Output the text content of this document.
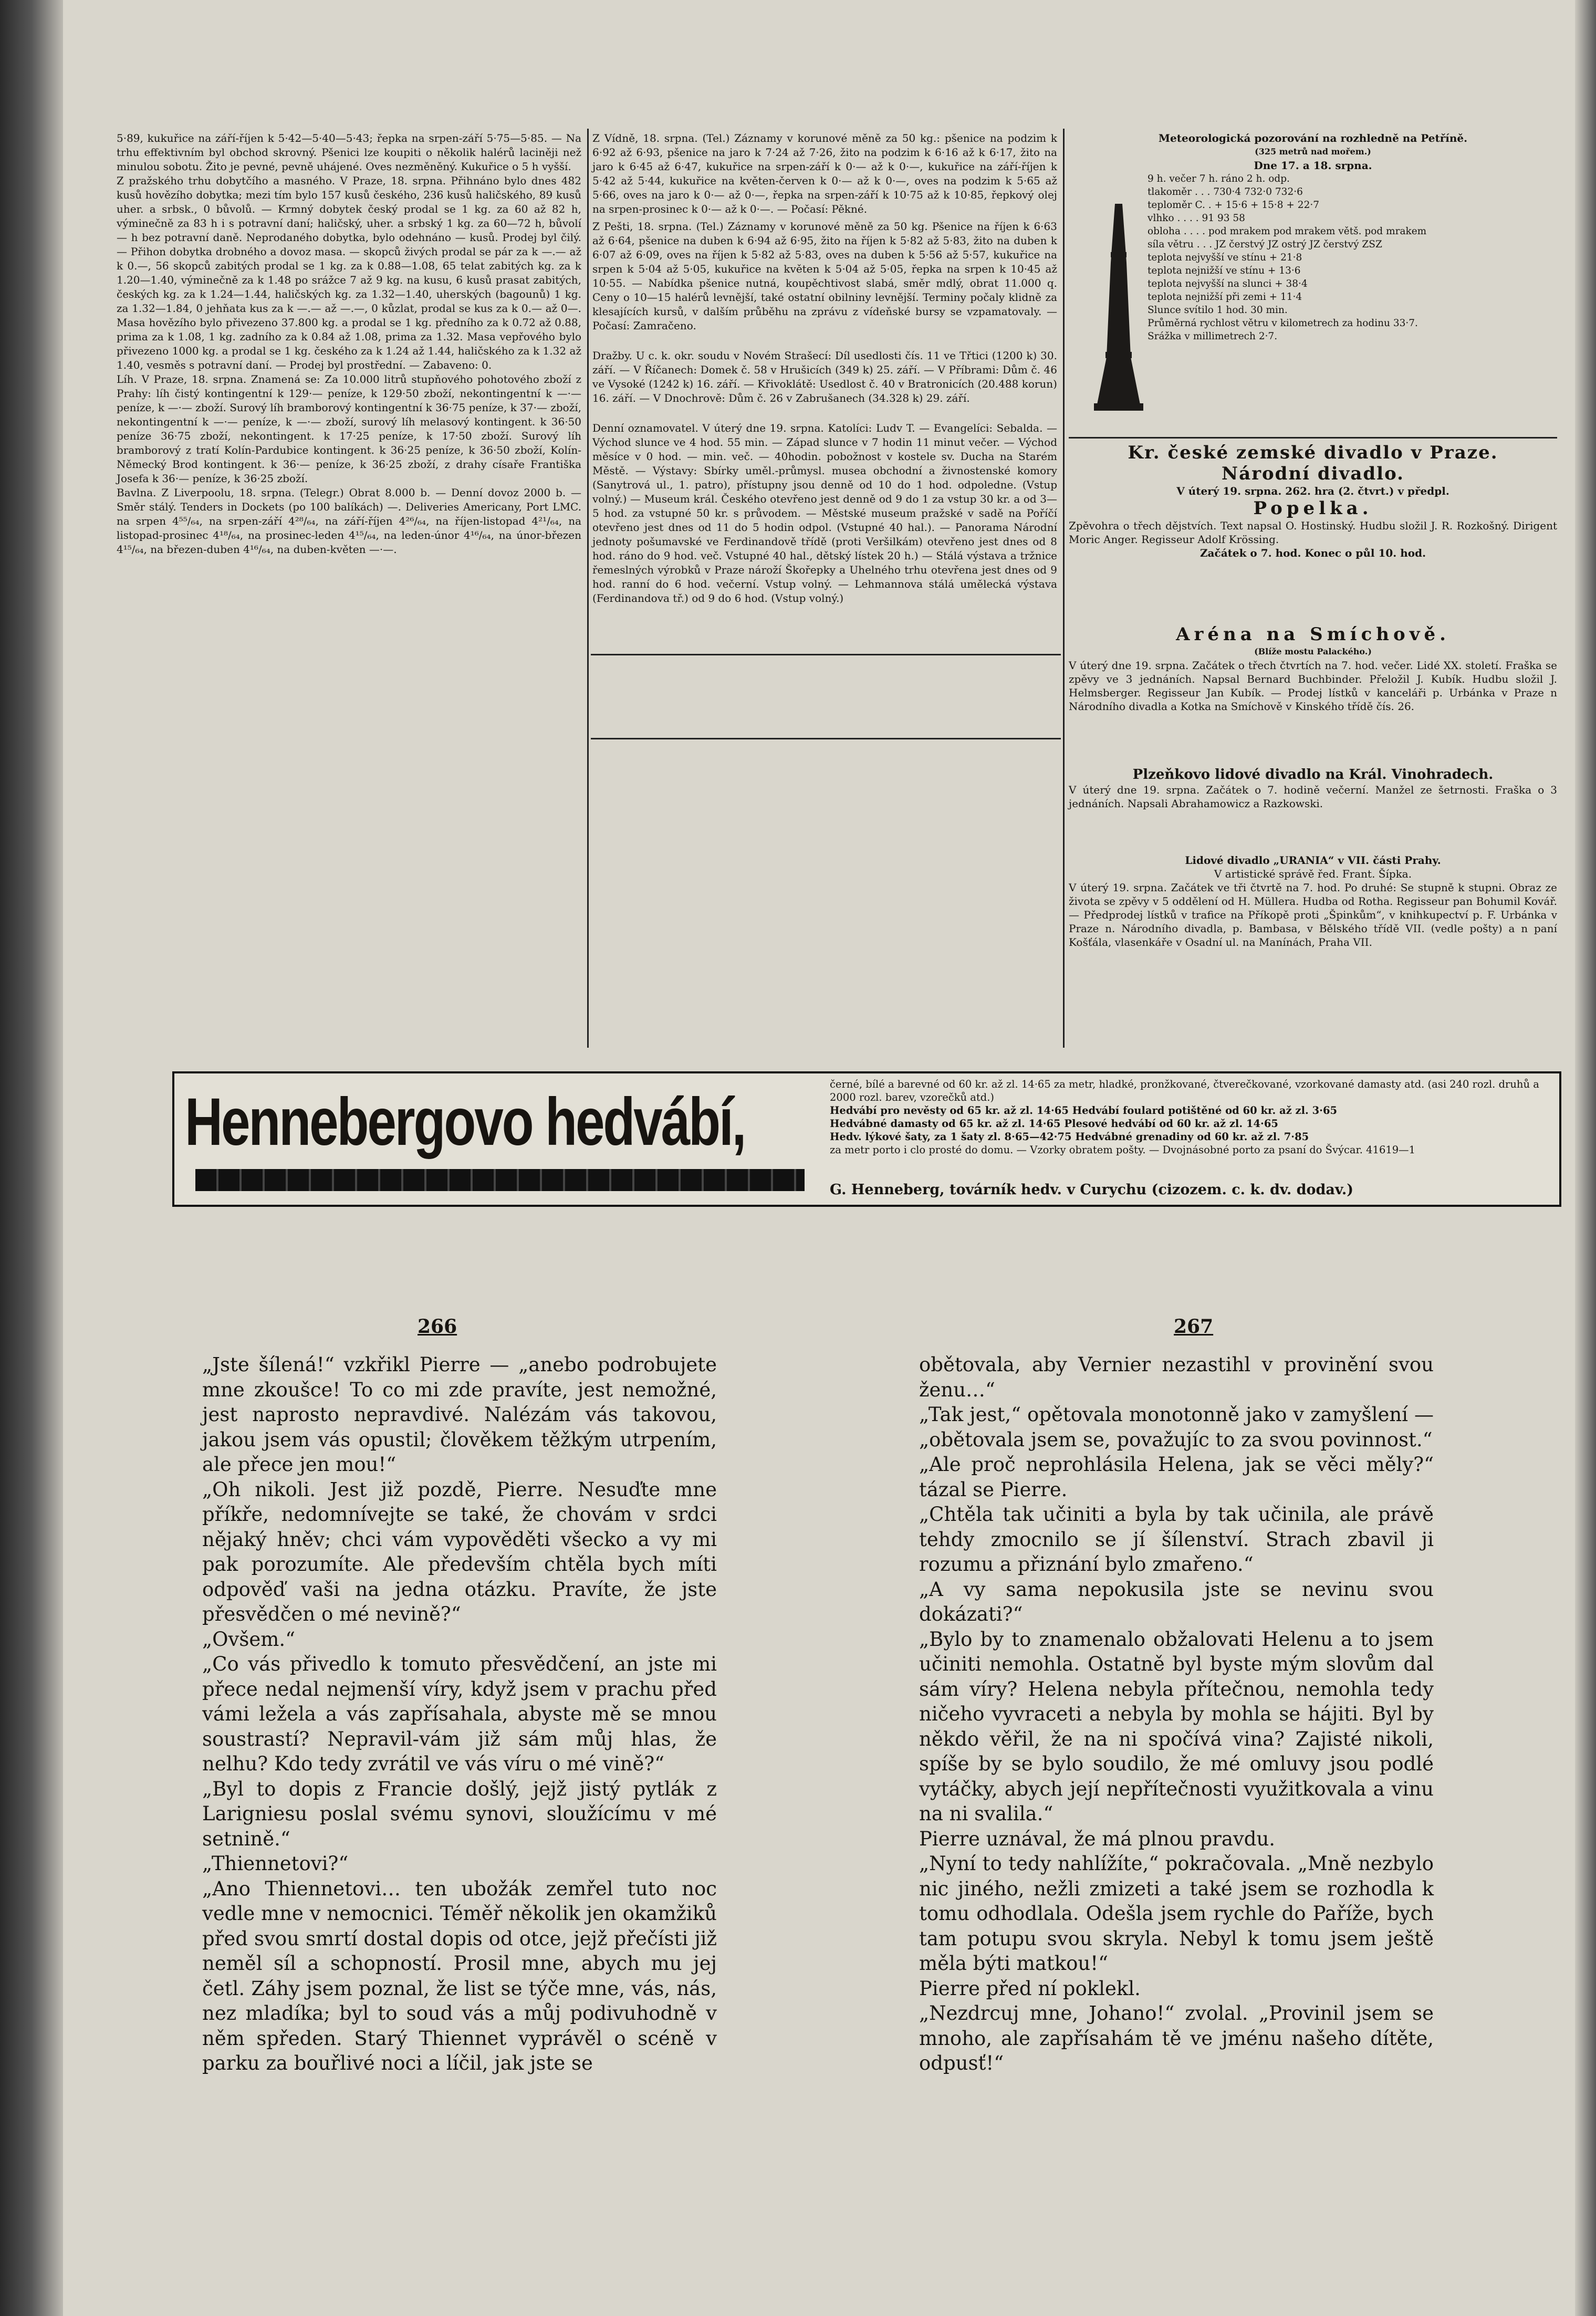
5·89, kukuřice na září-říjen k 5·42—5·40—5·43; řepka na srpen-září 5·75—5·85. — Na trhu effektivním byl obchod skrovný. Pšenici lze koupiti o několik halérů laciněji než minulou sobotu. Žito je pevné, pevně uhájené. Oves nezměněný. Kukuřice o 5 h vyšší.

Z pražského trhu dobytčího a masného. V Praze, 18. srpna. Přihnáno bylo dnes 482 kusů hovězího dobytka; mezi tím bylo 157 kusů českého, 236 kusů haličského, 89 kusů uher. a srbsk., 0 bůvolů. — Krmný dobytek český prodal se 1 kg. za 60 až 82 h, výminečně za 83 h i s potravní daní; haličský, uher. a srbský 1 kg. za 60—72 h, bůvolí — h bez potravní daně. Neprodaného dobytka, bylo odehnáno — kusů. Prodej byl čilý. — Přihon dobytka drobného a dovoz masa. — skopců živých prodal se pár za k —.— až k 0.—, 56 skopců zabitých prodal se 1 kg. za k 0.88—1.08, 65 telat zabitých kg. za k 1.20—1.40, výminečně za k 1.48 po srážce 7 až 9 kg. na kusu, 6 kusů prasat zabitých, českých kg. za k 1.24—1.44, haličských kg. za 1.32—1.40, uherských (bagounů) 1 kg. za 1.32—1.84, 0 jehňata kus za k —.— až —.—, 0 kůzlat, prodal se kus za k 0.— až 0—. Masa hovězího bylo přivezeno 37.800 kg. a prodal se 1 kg. předního za k 0.72 až 0.88, prima za k 1.08, 1 kg. zadního za k 0.84 až 1.08, prima za 1.32. Masa vepřového bylo přivezeno 1000 kg. a prodal se 1 kg. českého za k 1.24 až 1.44, haličského za k 1.32 až 1.40, vesměs s potravní daní. — Prodej byl prostřední. — Zabaveno: 0.

Líh. V Praze, 18. srpna. Znamená se: Za 10.000 litrů stupňového pohotového zboží z Prahy: líh čistý kontingentní k 129·— peníze, k 129·50 zboží, nekontingentní k —·— peníze, k —·— zboží. Surový líh bramborový kontingentní k 36·75 peníze, k 37·— zboží, nekontingentní k —·— peníze, k —·— zboží, surový líh melasový kontingent. k 36·50 peníze 36·75 zboží, nekontingent. k 17·25 peníze, k 17·50 zboží. Surový líh bramborový z tratí Kolín-Pardubice kontingent. k 36·25 peníze, k 36·50 zboží, Kolín-Německý Brod kontingent. k 36·— peníze, k 36·25 zboží, z drahy císaře Františka Josefa k 36·— peníze, k 36·25 zboží.

Bavlna. Z Liverpoolu, 18. srpna. (Telegr.) Obrat 8.000 b. — Denní dovoz 2000 b. — Směr stálý. Tenders in Dockets (po 100 balíkách) —. Deliveries Americany, Port LMC. na srpen 4⁵⁵/₆₄, na srpen-září 4²⁸/₆₄, na září-říjen 4²⁶/₆₄, na říjen-listopad 4²¹/₆₄, na listopad-prosinec 4¹⁸/₆₄, na prosinec-leden 4¹⁵/₆₄, na leden-únor 4¹⁶/₆₄, na únor-březen 4¹⁵/₆₄, na březen-duben 4¹⁶/₆₄, na duben-květen —·—.

Z Vídně, 18. srpna. (Tel.) Záznamy v korunové měně za 50 kg.: pšenice na podzim k 6·92 až 6·93, pšenice na jaro k 7·24 až 7·26, žito na podzim k 6·16 až k 6·17, žito na jaro k 6·45 až 6·47, kukuřice na srpen-září k 0·— až k 0·—, kukuřice na září-říjen k 5·42 až 5·44, kukuřice na květen-červen k 0·— až k 0·—, oves na podzim k 5·65 až 5·66, oves na jaro k 0·— až 0·—, řepka na srpen-září k 10·75 až k 10·85, řepkový olej na srpen-prosinec k 0·— až k 0·—. — Počasí: Pěkné.

Z Pešti, 18. srpna. (Tel.) Záznamy v korunové měně za 50 kg. Pšenice na říjen k 6·63 až 6·64, pšenice na duben k 6·94 až 6·95, žito na říjen k 5·82 až 5·83, žito na duben k 6·07 až 6·09, oves na říjen k 5·82 až 5·83, oves na duben k 5·56 až 5·57, kukuřice na srpen k 5·04 až 5·05, kukuřice na květen k 5·04 až 5·05, řepka na srpen k 10·45 až 10·55. — Nabídka pšenice nutná, koupěchtivost slabá, směr mdlý, obrat 11.000 q. Ceny o 10—15 halérů levnější, také ostatní obilniny levnější. Terminy počaly klidně za klesajících kursů, v dalším průběhu na zprávu z vídeňské bursy se vzpamatovaly. — Počasí: Zamračeno.

Dražby. U c. k. okr. soudu v Novém Strašecí: Díl usedlosti čís. 11 ve Třtici (1200 k) 30. září. — V Říčanech: Domek č. 58 v Hrušicích (349 k) 25. září. — V Příbrami: Dům č. 46 ve Vysoké (1242 k) 16. září. — Křivoklátě: Usedlost č. 40 v Bratronicích (20.488 korun) 16. září. — V Dnochrově: Dům č. 26 v Zabrušanech (34.328 k) 29. září.

Denní oznamovatel. V úterý dne 19. srpna. Katolíci: Ludv T. — Evangelíci: Sebalda. — Východ slunce ve 4 hod. 55 min. — Západ slunce v 7 hodin 11 minut večer. — Východ měsíce v 0 hod. — min. več. — 40hodin. pobožnost v kostele sv. Ducha na Starém Městě. — Výstavy: Sbírky uměl.-průmysl. musea obchodní a živnostenské komory (Sanytrová ul., 1. patro), přístupny jsou denně od 10 do 1 hod. odpoledne. (Vstup volný.) — Museum král. Českého otevřeno jest denně od 9 do 1 za vstup 30 kr. a od 3—5 hod. za vstupné 50 kr. s průvodem. — Městské museum pražské v sadě na Poříčí otevřeno jest dnes od 11 do 5 hodin odpol. (Vstupné 40 hal.). — Panorama Národní jednoty pošumavské ve Ferdinandově třídě (proti Veršilkám) otevřeno jest dnes od 8 hod. ráno do 9 hod. več. Vstupné 40 hal., dětský lístek 20 h.) — Stálá výstava a tržnice řemeslných výrobků v Praze nároží Škořepky a Uhelného trhu otevřena jest dnes od 9 hod. ranní do 6 hod. večerní. Vstup volný. — Lehmannova stálá umělecká výstava (Ferdinandova tř.) od 9 do 6 hod. (Vstup volný.)

Meteorologická pozorování na rozhledně na Petříně.
(325 metrů nad mořem.)
Dne 17. a 18. srpna.
9 h. večer 7 h. ráno 2 h. odp.
tlakoměr . . . 730·4 732·0 732·6
teploměr C. . + 15·6 + 15·8 + 22·7
vlhko . . . . 91 93 58
obloha . . . . pod mrakem pod mrakem větš. pod mrakem
síla větru . . . JZ čerstvý JZ ostrý JZ čerstvý ZSZ
teplota nejvyšší ve stínu + 21·8
teplota nejnižší ve stínu + 13·6
teplota nejvyšší na slunci + 38·4
teplota nejnižší při zemi + 11·4
Slunce svítilo 1 hod. 30 min.
Průměrná rychlost větru v kilometrech za hodinu 33·7.
Srážka v millimetrech 2·7.
Kr. české zemské divadlo v Praze.
Národní divadlo.
V úterý 19. srpna. 262. hra (2. čtvrt.) v předpl.
Popelka.

Zpěvohra o třech dějstvích. Text napsal O. Hostinský. Hudbu složil J. R. Rozkošný. Dirigent Moric Anger. Regisseur Adolf Krössing.

Začátek o 7. hod. Konec o půl 10. hod.
Aréna na Smíchově.
(Blíže mostu Palackého.)

V úterý dne 19. srpna. Začátek o třech čtvrtích na 7. hod. večer. Lidé XX. století. Fraška se zpěvy ve 3 jednáních. Napsal Bernard Buchbinder. Přeložil J. Kubík. Hudbu složil J. Helmsberger. Regisseur Jan Kubík. — Prodej lístků v kanceláři p. Urbánka v Praze n Národního divadla a Kotka na Smíchově v Kinského třídě čís. 26.

Plzeňkovo lidové divadlo na Král. Vinohradech.

V úterý dne 19. srpna. Začátek o 7. hodině večerní. Manžel ze šetrnosti. Fraška o 3 jednáních. Napsali Abrahamowicz a Razkowski.

Lidové divadlo „URANIA“ v VII. části Prahy.
V artistické správě řed. Frant. Šípka.

V úterý 19. srpna. Začátek ve tři čtvrtě na 7. hod. Po druhé: Se stupně k stupni. Obraz ze života se zpěvy v 5 oddělení od H. Müllera. Hudba od Rotha. Regisseur pan Bohumil Kovář. — Předprodej lístků v trafice na Příkopě proti „Špinkům“, v knihkupectví p. F. Urbánka v Praze n. Národního divadla, p. Bambasa, v Bělského třídě VII. (vedle pošty) a n paní Košťála, vlasenkáře v Osadní ul. na Manínách, Praha VII.

Hennebergovo hedvábí,

černé, bílé a barevné od 60 kr. až zl. 14·65 za metr, hladké, pronžkované, čtverečkované, vzorkované damasty atd. (asi 240 rozl. druhů a 2000 rozl. barev, vzorečků atd.)

Hedvábí pro nevěsty od 65 kr. až zl. 14·65 Hedvábí foulard potištěné od 60 kr. až zl. 3·65

Hedvábné damasty od 65 kr. až zl. 14·65 Plesové hedvábí od 60 kr. až zl. 14·65

Hedv. lýkové šaty, za 1 šaty zl. 8·65—42·75 Hedvábné grenadiny od 60 kr. až zl. 7·85

za metr porto i clo prosté do domu. — Vzorky obratem pošty. — Dvojnásobné porto za psaní do Švýcar. 41619—1

G. Henneberg, továrník hedv. v Curychu (cizozem. c. k. dv. dodav.)
266	267

„Jste šílená!“ vzkřikl Pierre — „anebo podrobujete mne zkoušce! To co mi zde pravíte, jest nemožné, jest naprosto nepravdivé. Nalézám vás takovou, jakou jsem vás opustil; člověkem těžkým utrpením, ale přece jen mou!“

„Oh nikoli. Jest již pozdě, Pierre. Nesuďte mne příkře, nedomnívejte se také, že chovám v srdci nějaký hněv; chci vám vypověděti všecko a vy mi pak porozumíte. Ale především chtěla bych míti odpověď vaši na jedna otázku. Pravíte, že jste přesvědčen o mé nevině?“

„Ovšem.“

„Co vás přivedlo k tomuto přesvědčení, an jste mi přece nedal nejmenší víry, když jsem v prachu před vámi ležela a vás zapřísahala, abyste mě se mnou soustrastí? Nepravil-vám již sám můj hlas, že nelhu? Kdo tedy zvrátil ve vás víru o mé vině?“

„Byl to dopis z Francie došlý, jejž jistý pytlák z Larigniesu poslal svému synovi, sloužícímu v mé setnině.“

„Thiennetovi?“

„Ano Thiennetovi… ten ubožák zemřel tuto noc vedle mne v nemocnici. Téměř několik jen okamžiků před svou smrtí dostal dopis od otce, jejž přečísti již neměl síl a schopností. Prosil mne, abych mu jej četl. Záhy jsem poznal, že list se týče mne, vás, nás, nez mladíka; byl to soud vás a můj podivuhodně v něm spředen. Starý Thiennet vyprávěl o scéně v parku za bouřlivé noci a líčil, jak jste se

obětovala, aby Vernier nezastihl v provinění svou ženu…“

„Tak jest,“ opětovala monotonně jako v zamyšlení — „obětovala jsem se, považujíc to za svou povinnost.“

„Ale proč neprohlásila Helena, jak se věci měly?“ tázal se Pierre.

„Chtěla tak učiniti a byla by tak učinila, ale právě tehdy zmocnilo se jí šílenství. Strach zbavil ji rozumu a přiznání bylo zmařeno.“

„A vy sama nepokusila jste se nevinu svou dokázati?“

„Bylo by to znamenalo obžalovati Helenu a to jsem učiniti nemohla. Ostatně byl byste mým slovům dal sám víry? Helena nebyla přítečnou, nemohla tedy ničeho vyvraceti a nebyla by mohla se hájiti. Byl by někdo věřil, že na ni spočívá vina? Zajisté nikoli, spíše by se bylo soudilo, že mé omluvy jsou podlé vytáčky, abych její nepřítečnosti využitkovala a vinu na ni svalila.“

Pierre uznával, že má plnou pravdu.

„Nyní to tedy nahlížíte,“ pokračovala. „Mně nezbylo nic jiného, nežli zmizeti a také jsem se rozhodla k tomu odhodlala. Odešla jsem rychle do Paříže, bych tam potupu svou skryla. Nebyl k tomu jsem ještě měla býti matkou!“

Pierre před ní poklekl.

„Nezdrcuj mne, Johano!“ zvolal. „Provinil jsem se mnoho, ale zapřísahám tě ve jménu našeho dítěte, odpusť!“
